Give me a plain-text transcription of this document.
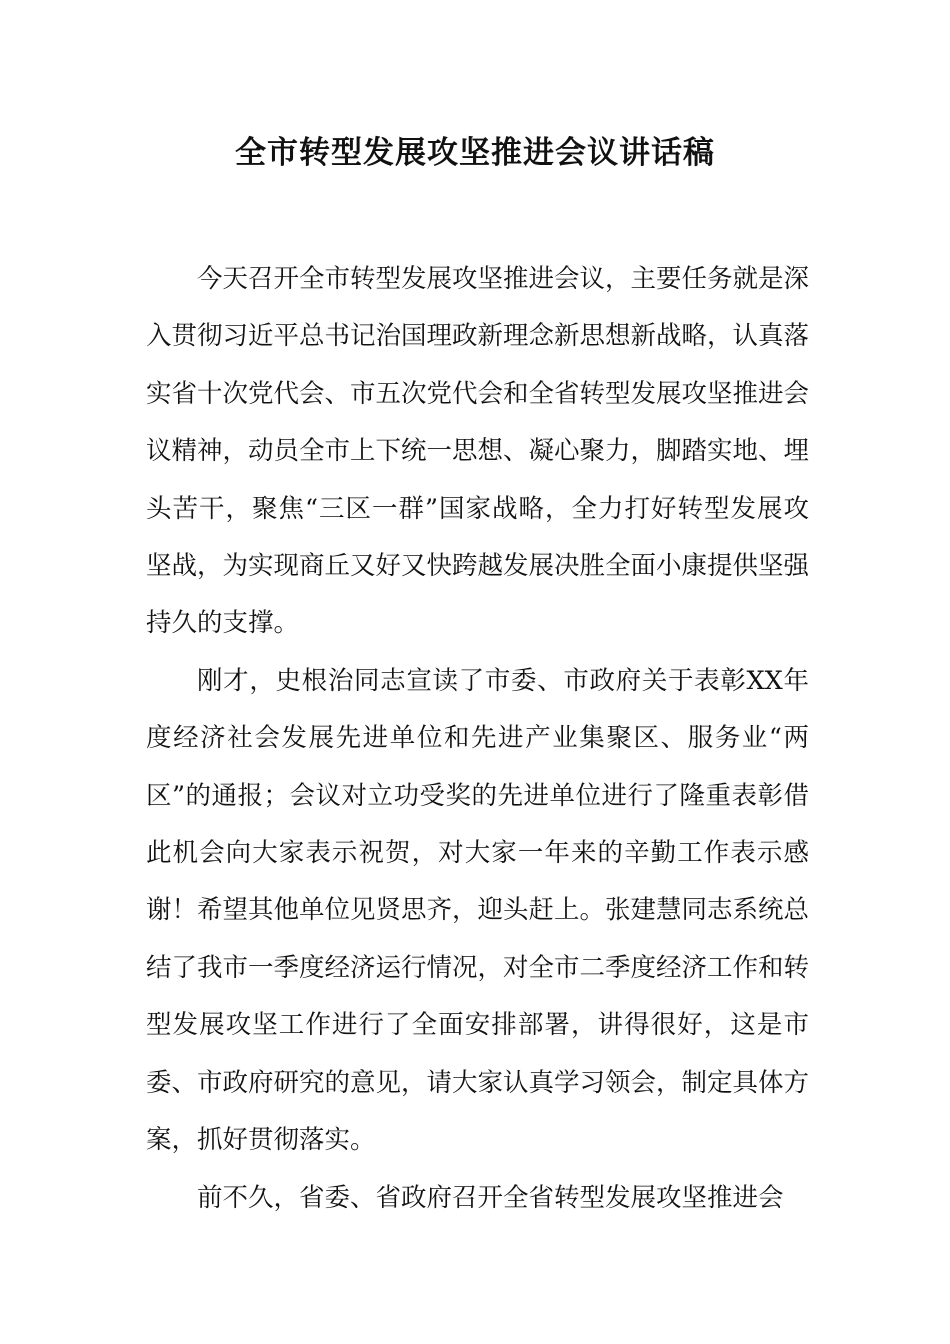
全市转型发展攻坚推进会议讲话稿

今天召开全市转型发展攻坚推进会议，主要任务就是深入贯彻习近平总书记治国理政新理念新思想新战略，认真落实省十次党代会、市五次党代会和全省转型发展攻坚推进会议精神，动员全市上下统一思想、凝心聚力，脚踏实地、埋头苦干，聚焦“三区一群”国家战略，全力打好转型发展攻坚战，为实现商丘又好又快跨越发展决胜全面小康提供坚强持久的支撑。

刚才，史根治同志宣读了市委、市政府关于表彰XX年度经济社会发展先进单位和先进产业集聚区、服务业“两区”的通报；会议对立功受奖的先进单位进行了隆重表彰借此机会向大家表示祝贺，对大家一年来的辛勤工作表示感谢！希望其他单位见贤思齐，迎头赶上。张建慧同志系统总结了我市一季度经济运行情况，对全市二季度经济工作和转型发展攻坚工作进行了全面安排部署，讲得很好，这是市委、市政府研究的意见，请大家认真学习领会，制定具体方案，抓好贯彻落实。

前不久，省委、省政府召开全省转型发展攻坚推进会
